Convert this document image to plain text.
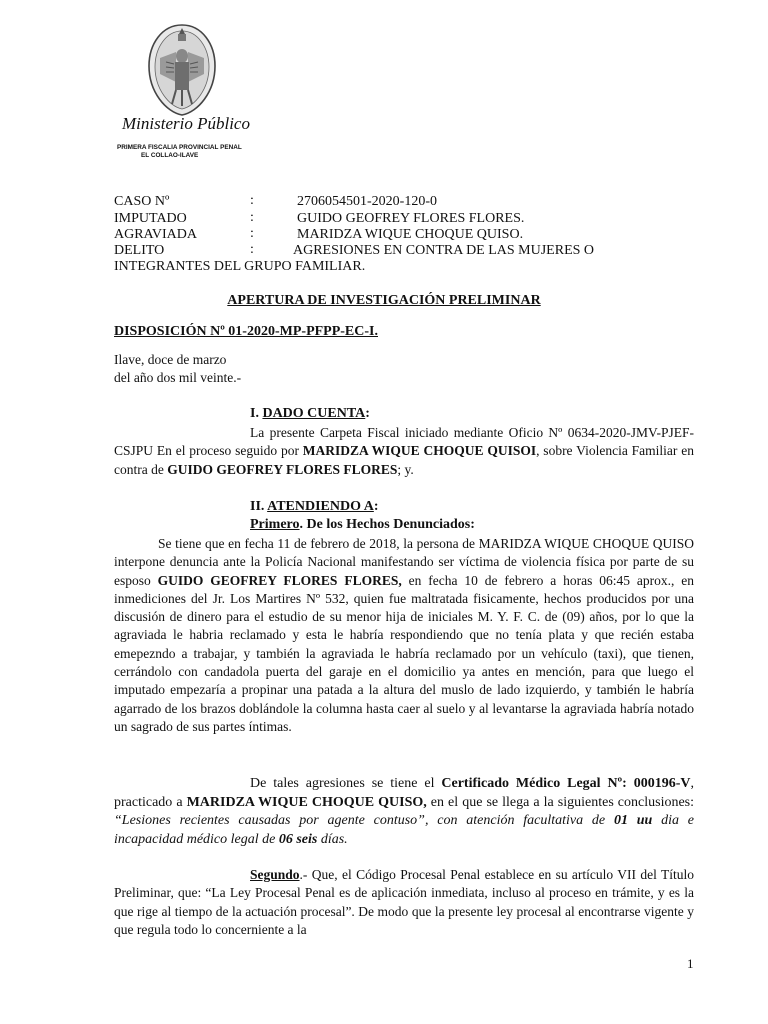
Ministerio Público
PRIMERA FISCALIA PROVINCIAL PENAL
EL COLLAO-ILAVE
CASO Nº	:	2706054501-2020-120-0
IMPUTADO	:	GUIDO GEOFREY FLORES FLORES.
AGRAVIADA	:	MARIDZA WIQUE CHOQUE QUISO.
DELITO	:	AGRESIONES EN CONTRA DE LAS MUJERES O
INTEGRANTES DEL GRUPO FAMILIAR.
APERTURA DE INVESTIGACIÓN PRELIMINAR
DISPOSICIÓN Nº 01-2020-MP-PFPP-EC-I.
Ilave, doce de marzo
del año dos mil veinte.-
I. DADO CUENTA:
La presente Carpeta Fiscal iniciado mediante Oficio Nº 0634-2020-JMV-PJEF-CSJPU En el proceso seguido por MARIDZA WIQUE CHOQUE QUISOI, sobre Violencia Familiar en contra de GUIDO GEOFREY FLORES FLORES; y.
II. ATENDIENDO A:
Primero. De los Hechos Denunciados:
Se tiene que en fecha 11 de febrero de 2018, la persona de MARIDZA WIQUE CHOQUE QUISO interpone denuncia ante la Policía Nacional manifestando ser víctima de violencia física por parte de su esposo GUIDO GEOFREY FLORES FLORES, en fecha 10 de febrero a horas 06:45 aprox., en inmediciones del Jr. Los Martires Nº 532, quien fue maltratada fisicamente, hechos producidos por una discusión de dinero para el estudio de su menor hija de iniciales M. Y. F. C. de (09) años, por lo que la agraviada le habria reclamado y esta le habría respondiendo que no tenía plata y que recién estaba emepezndo a trabajar, y también la agraviada le habría reclamado por un vehículo (taxi), que tienen, cerrándolo con candadola puerta del garaje en el domicilio ya antes en mención, para que luego el imputado empezaría a propinar una patada a la altura del muslo de lado izquierdo, y también le habría agarrado de los brazos doblándole la columna hasta caer al suelo y al levantarse la agraviada habría notado un sagrado de sus partes íntimas.
De tales agresiones se tiene el Certificado Médico Legal Nº: 000196-V, practicado a MARIDZA WIQUE CHOQUE QUISO, en el que se llega a la siguientes conclusiones: “Lesiones recientes causadas por agente contuso”, con atención facultativa de 01 uu dia e incapacidad médico legal de 06 seis días.
Segundo.- Que, el Código Procesal Penal establece en su artículo VII del Título Preliminar, que: “La Ley Procesal Penal es de aplicación inmediata, incluso al proceso en trámite, y es la que rige al tiempo de la actuación procesal”. De modo que la presente ley procesal al encontrarse vigente y que regula todo lo concerniente a la
1
